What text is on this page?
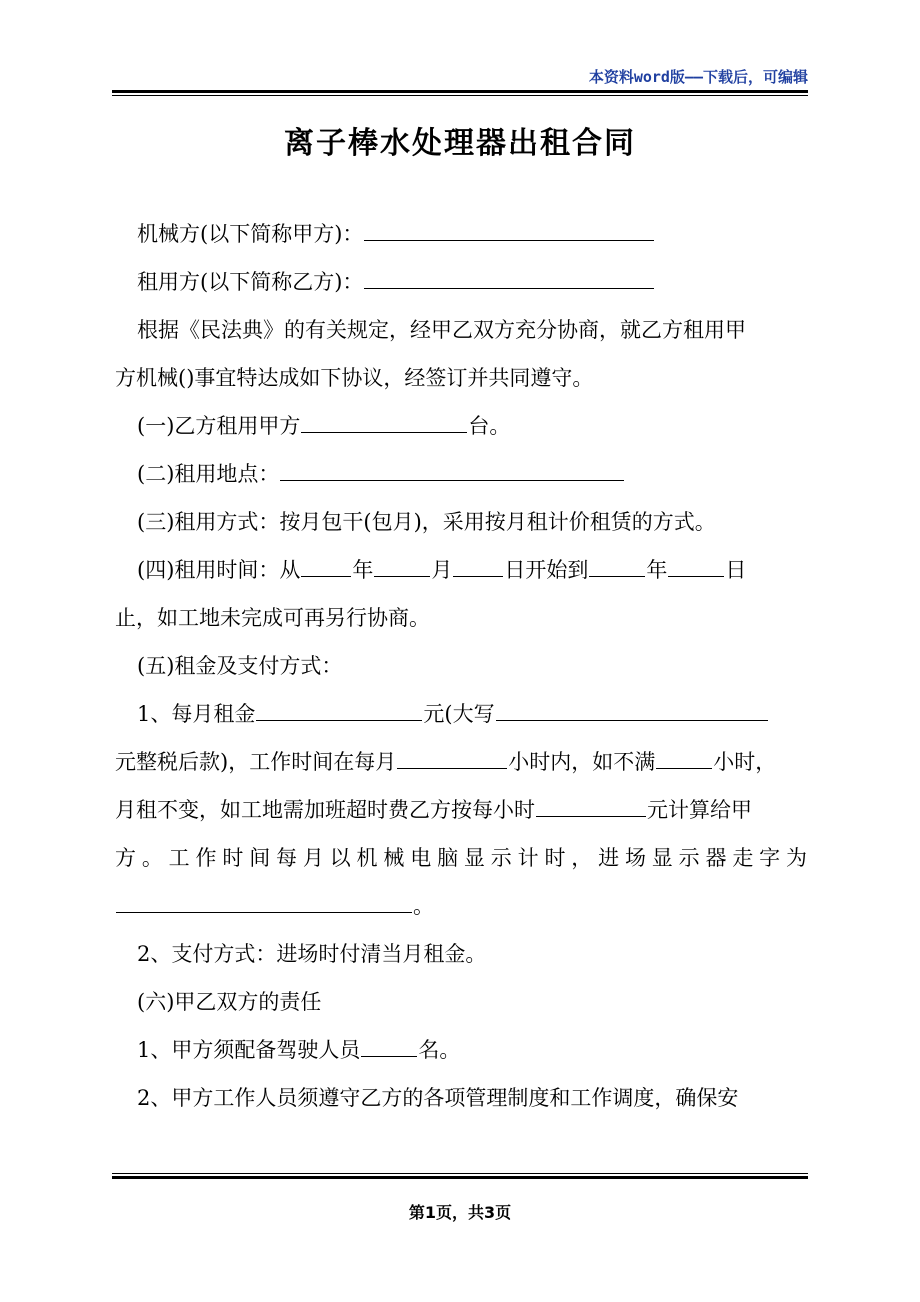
本资料word版——下载后，可编辑
离子棒水处理器出租合同
机械方(以下简称甲方)：
租用方(以下简称乙方)：
根据《民法典》的有关规定，经甲乙双方充分协商，就乙方租用甲
方机械()事宜特达成如下协议，经签订并共同遵守。
(一)乙方租用甲方	台。
(二)租用地点：
(三)租用方式：按月包干(包月)，采用按月租计价租赁的方式。
(四)租用时间：从 年	月 日开始到	年	日
止，如工地未完成可再另行协商。
(五)租金及支付方式：
1、每月租金	元(大写
元整税后款)，工作时间在每月	小时内，如不满	小时，
月租不变，如工地需加班超时费乙方按每小时	元计算给甲
方。工作时间每月以机械电脑显示计时，进场显示器走字为
。
2、支付方式：进场时付清当月租金。
(六)甲乙双方的责任
1、甲方须配备驾驶人员	名。
2、甲方工作人员须遵守乙方的各项管理制度和工作调度，确保安
第1页，共3页
